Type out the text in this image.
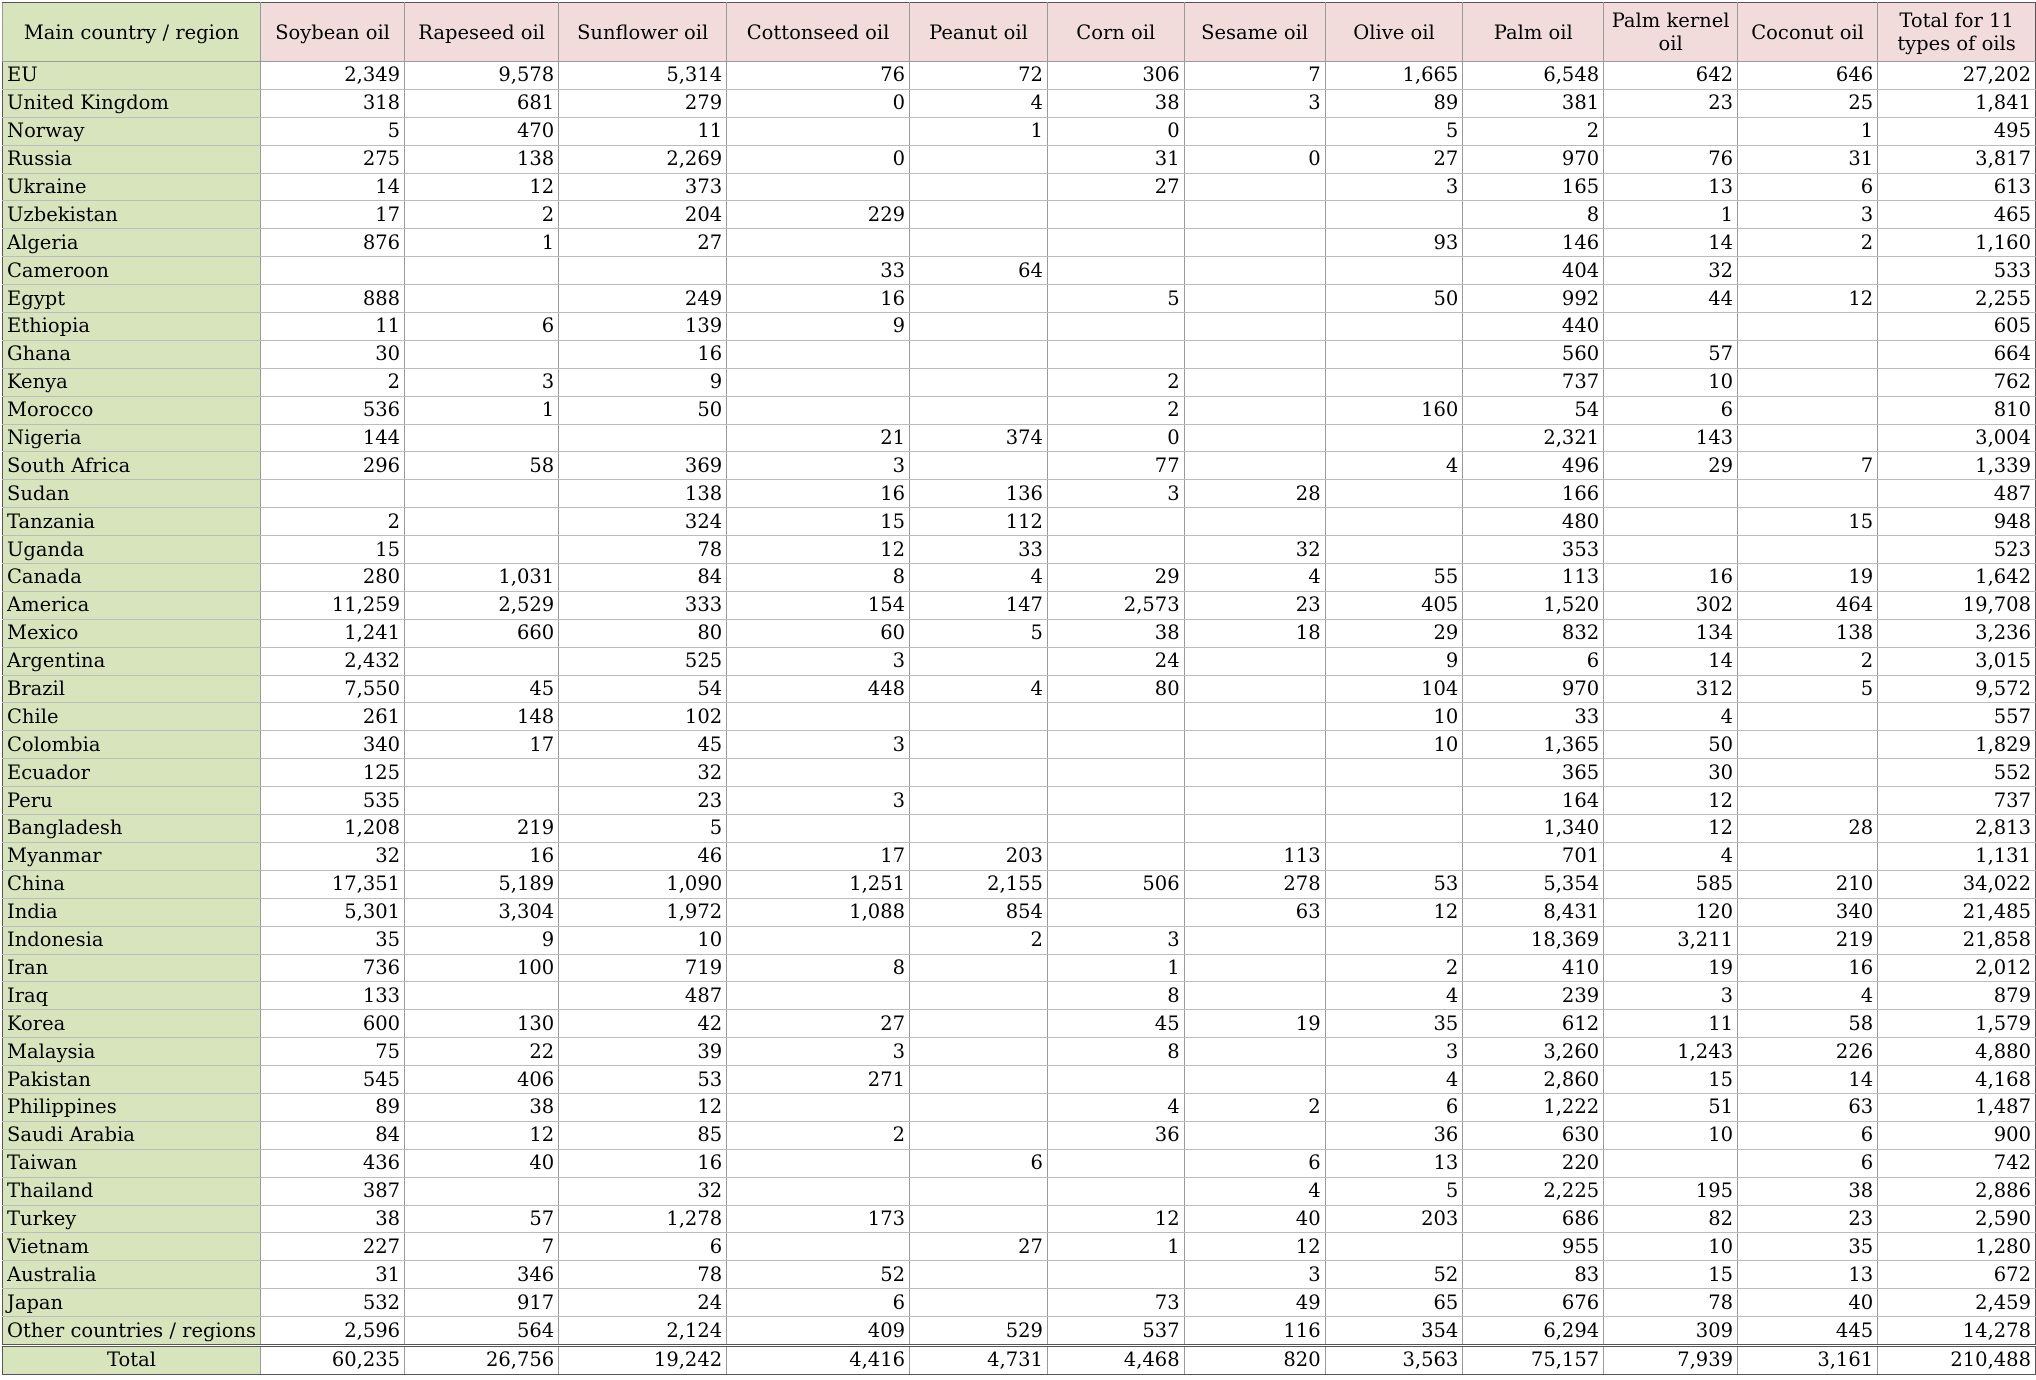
Main country / region	Soybean oil	Rapeseed oil	Sunflower oil	Cottonseed oil	Peanut oil	Corn oil	Sesame oil	Olive oil	Palm oil	Palm kernel oil	Coconut oil	Total for 11 types of oils
EU	2,349	9,578	5,314	76	72	306	7	1,665	6,548	642	646	27,202
United Kingdom	318	681	279	0	4	38	3	89	381	23	25	1,841
Norway	5	470	11		1	0		5	2		1	495
Russia	275	138	2,269	0		31	0	27	970	76	31	3,817
Ukraine	14	12	373			27		3	165	13	6	613
Uzbekistan	17	2	204	229					8	1	3	465
Algeria	876	1	27					93	146	14	2	1,160
Cameroon				33	64				404	32		533
Egypt	888		249	16		5		50	992	44	12	2,255
Ethiopia	11	6	139	9					440			605
Ghana	30		16						560	57		664
Kenya	2	3	9			2			737	10		762
Morocco	536	1	50			2		160	54	6		810
Nigeria	144			21	374	0			2,321	143		3,004
South Africa	296	58	369	3		77		4	496	29	7	1,339
Sudan			138	16	136	3	28		166			487
Tanzania	2		324	15	112				480		15	948
Uganda	15		78	12	33		32		353			523
Canada	280	1,031	84	8	4	29	4	55	113	16	19	1,642
America	11,259	2,529	333	154	147	2,573	23	405	1,520	302	464	19,708
Mexico	1,241	660	80	60	5	38	18	29	832	134	138	3,236
Argentina	2,432		525	3		24		9	6	14	2	3,015
Brazil	7,550	45	54	448	4	80		104	970	312	5	9,572
Chile	261	148	102					10	33	4		557
Colombia	340	17	45	3				10	1,365	50		1,829
Ecuador	125		32						365	30		552
Peru	535		23	3					164	12		737
Bangladesh	1,208	219	5						1,340	12	28	2,813
Myanmar	32	16	46	17	203		113		701	4		1,131
China	17,351	5,189	1,090	1,251	2,155	506	278	53	5,354	585	210	34,022
India	5,301	3,304	1,972	1,088	854		63	12	8,431	120	340	21,485
Indonesia	35	9	10		2	3			18,369	3,211	219	21,858
Iran	736	100	719	8		1		2	410	19	16	2,012
Iraq	133		487			8		4	239	3	4	879
Korea	600	130	42	27		45	19	35	612	11	58	1,579
Malaysia	75	22	39	3		8		3	3,260	1,243	226	4,880
Pakistan	545	406	53	271				4	2,860	15	14	4,168
Philippines	89	38	12			4	2	6	1,222	51	63	1,487
Saudi Arabia	84	12	85	2		36		36	630	10	6	900
Taiwan	436	40	16		6		6	13	220		6	742
Thailand	387		32				4	5	2,225	195	38	2,886
Turkey	38	57	1,278	173		12	40	203	686	82	23	2,590
Vietnam	227	7	6		27	1	12		955	10	35	1,280
Australia	31	346	78	52			3	52	83	15	13	672
Japan	532	917	24	6		73	49	65	676	78	40	2,459
Other countries / regions	2,596	564	2,124	409	529	537	116	354	6,294	309	445	14,278
Total	60,235	26,756	19,242	4,416	4,731	4,468	820	3,563	75,157	7,939	3,161	210,488
